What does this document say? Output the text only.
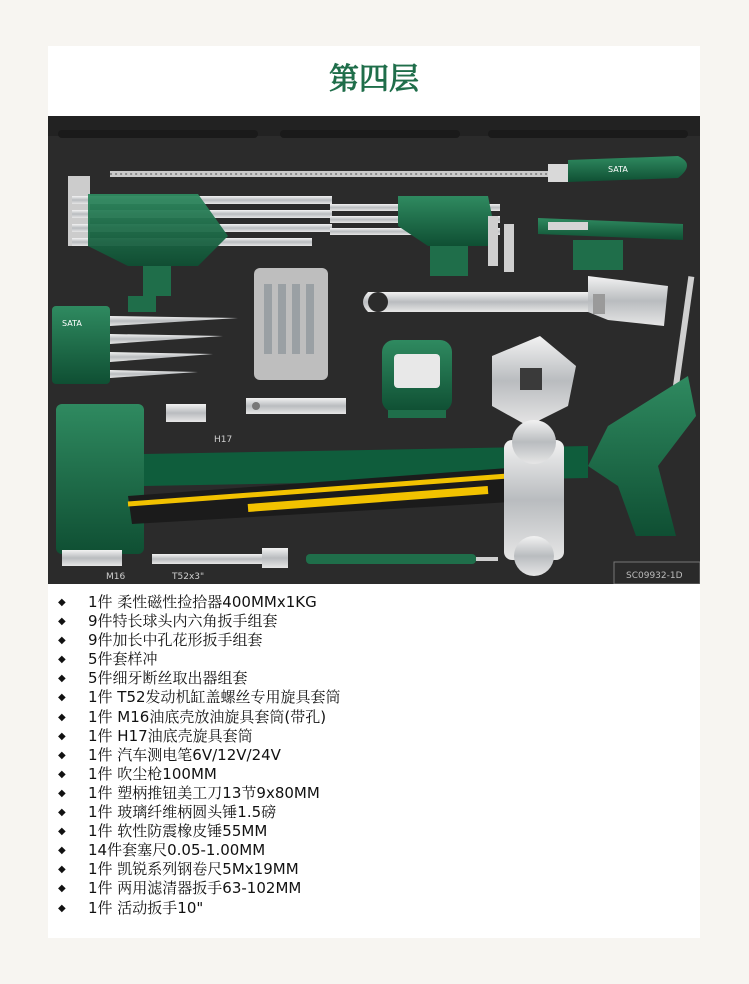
第四层
SATA
SATA
H17
M16	T52x3"	SC09932-1D
◆ 1件 柔性磁性捡拾器400MMx1KG
◆ 9件特长球头内六角扳手组套
◆ 9件加长中孔花形扳手组套
◆ 5件套样冲
◆ 5件细牙断丝取出器组套
◆ 1件 T52发动机缸盖螺丝专用旋具套筒
◆ 1件 M16油底壳放油旋具套筒(带孔)
◆ 1件 H17油底壳旋具套筒
◆ 1件 汽车测电笔6V/12V/24V
◆ 1件 吹尘枪100MM
◆ 1件 塑柄推钮美工刀13节9x80MM
◆ 1件 玻璃纤维柄圆头锤1.5磅
◆ 1件 软性防震橡皮锤55MM
◆ 14件套塞尺0.05-1.00MM
◆ 1件 凯锐系列钢卷尺5Mx19MM
◆ 1件 两用滤清器扳手63-102MM
◆ 1件 活动扳手10"
